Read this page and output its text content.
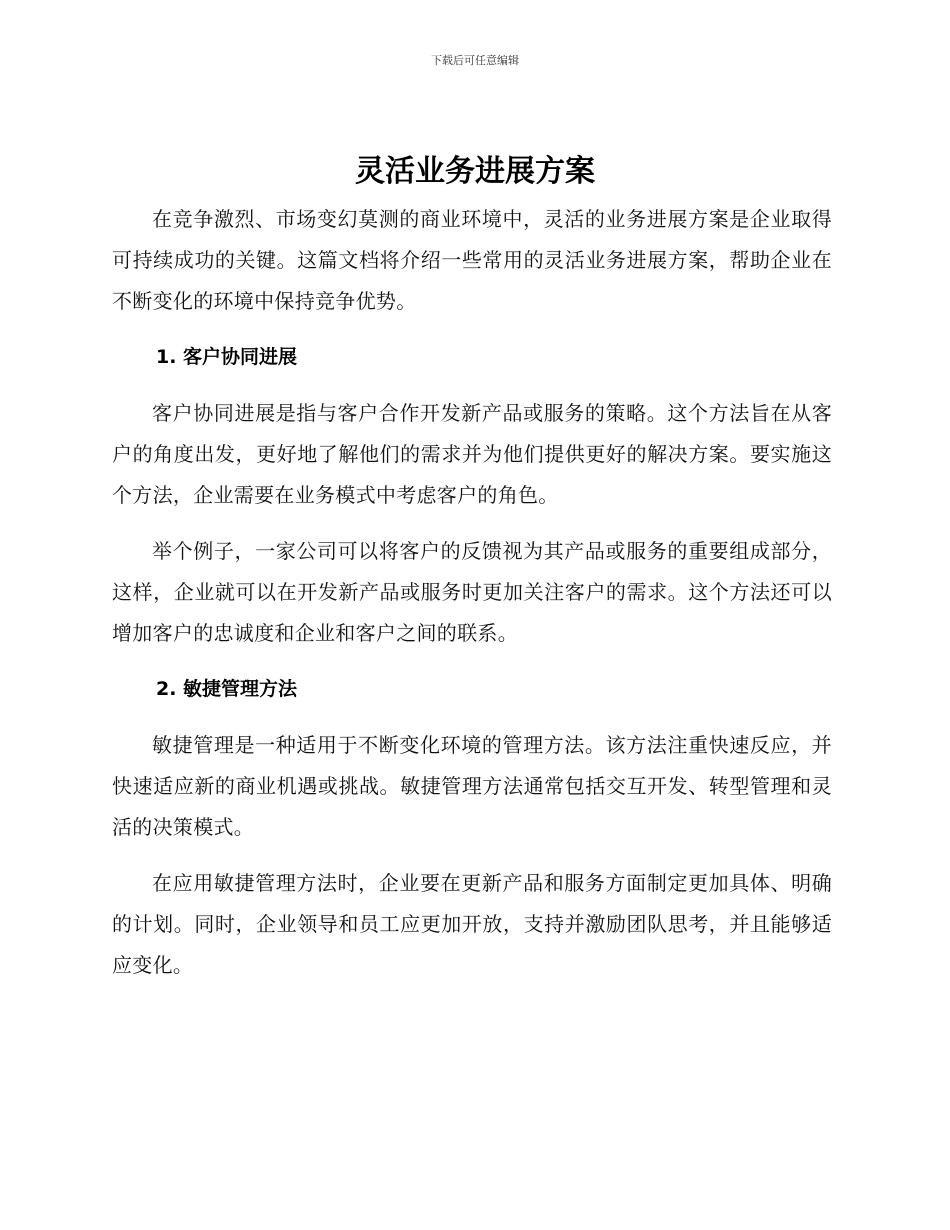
下载后可任意编辑
灵活业务进展方案

在竞争激烈、市场变幻莫测的商业环境中，灵活的业务进展方案是企业取得可持续成功的关键。这篇文档将介绍一些常用的灵活业务进展方案，帮助企业在不断变化的环境中保持竞争优势。

1. 客户协同进展

客户协同进展是指与客户合作开发新产品或服务的策略。这个方法旨在从客户的角度出发，更好地了解他们的需求并为他们提供更好的解决方案。要实施这个方法，企业需要在业务模式中考虑客户的角色。

举个例子，一家公司可以将客户的反馈视为其产品或服务的重要组成部分，这样，企业就可以在开发新产品或服务时更加关注客户的需求。这个方法还可以增加客户的忠诚度和企业和客户之间的联系。

2. 敏捷管理方法

敏捷管理是一种适用于不断变化环境的管理方法。该方法注重快速反应，并快速适应新的商业机遇或挑战。敏捷管理方法通常包括交互开发、转型管理和灵活的决策模式。

在应用敏捷管理方法时，企业要在更新产品和服务方面制定更加具体、明确的计划。同时，企业领导和员工应更加开放，支持并激励团队思考，并且能够适应变化。
